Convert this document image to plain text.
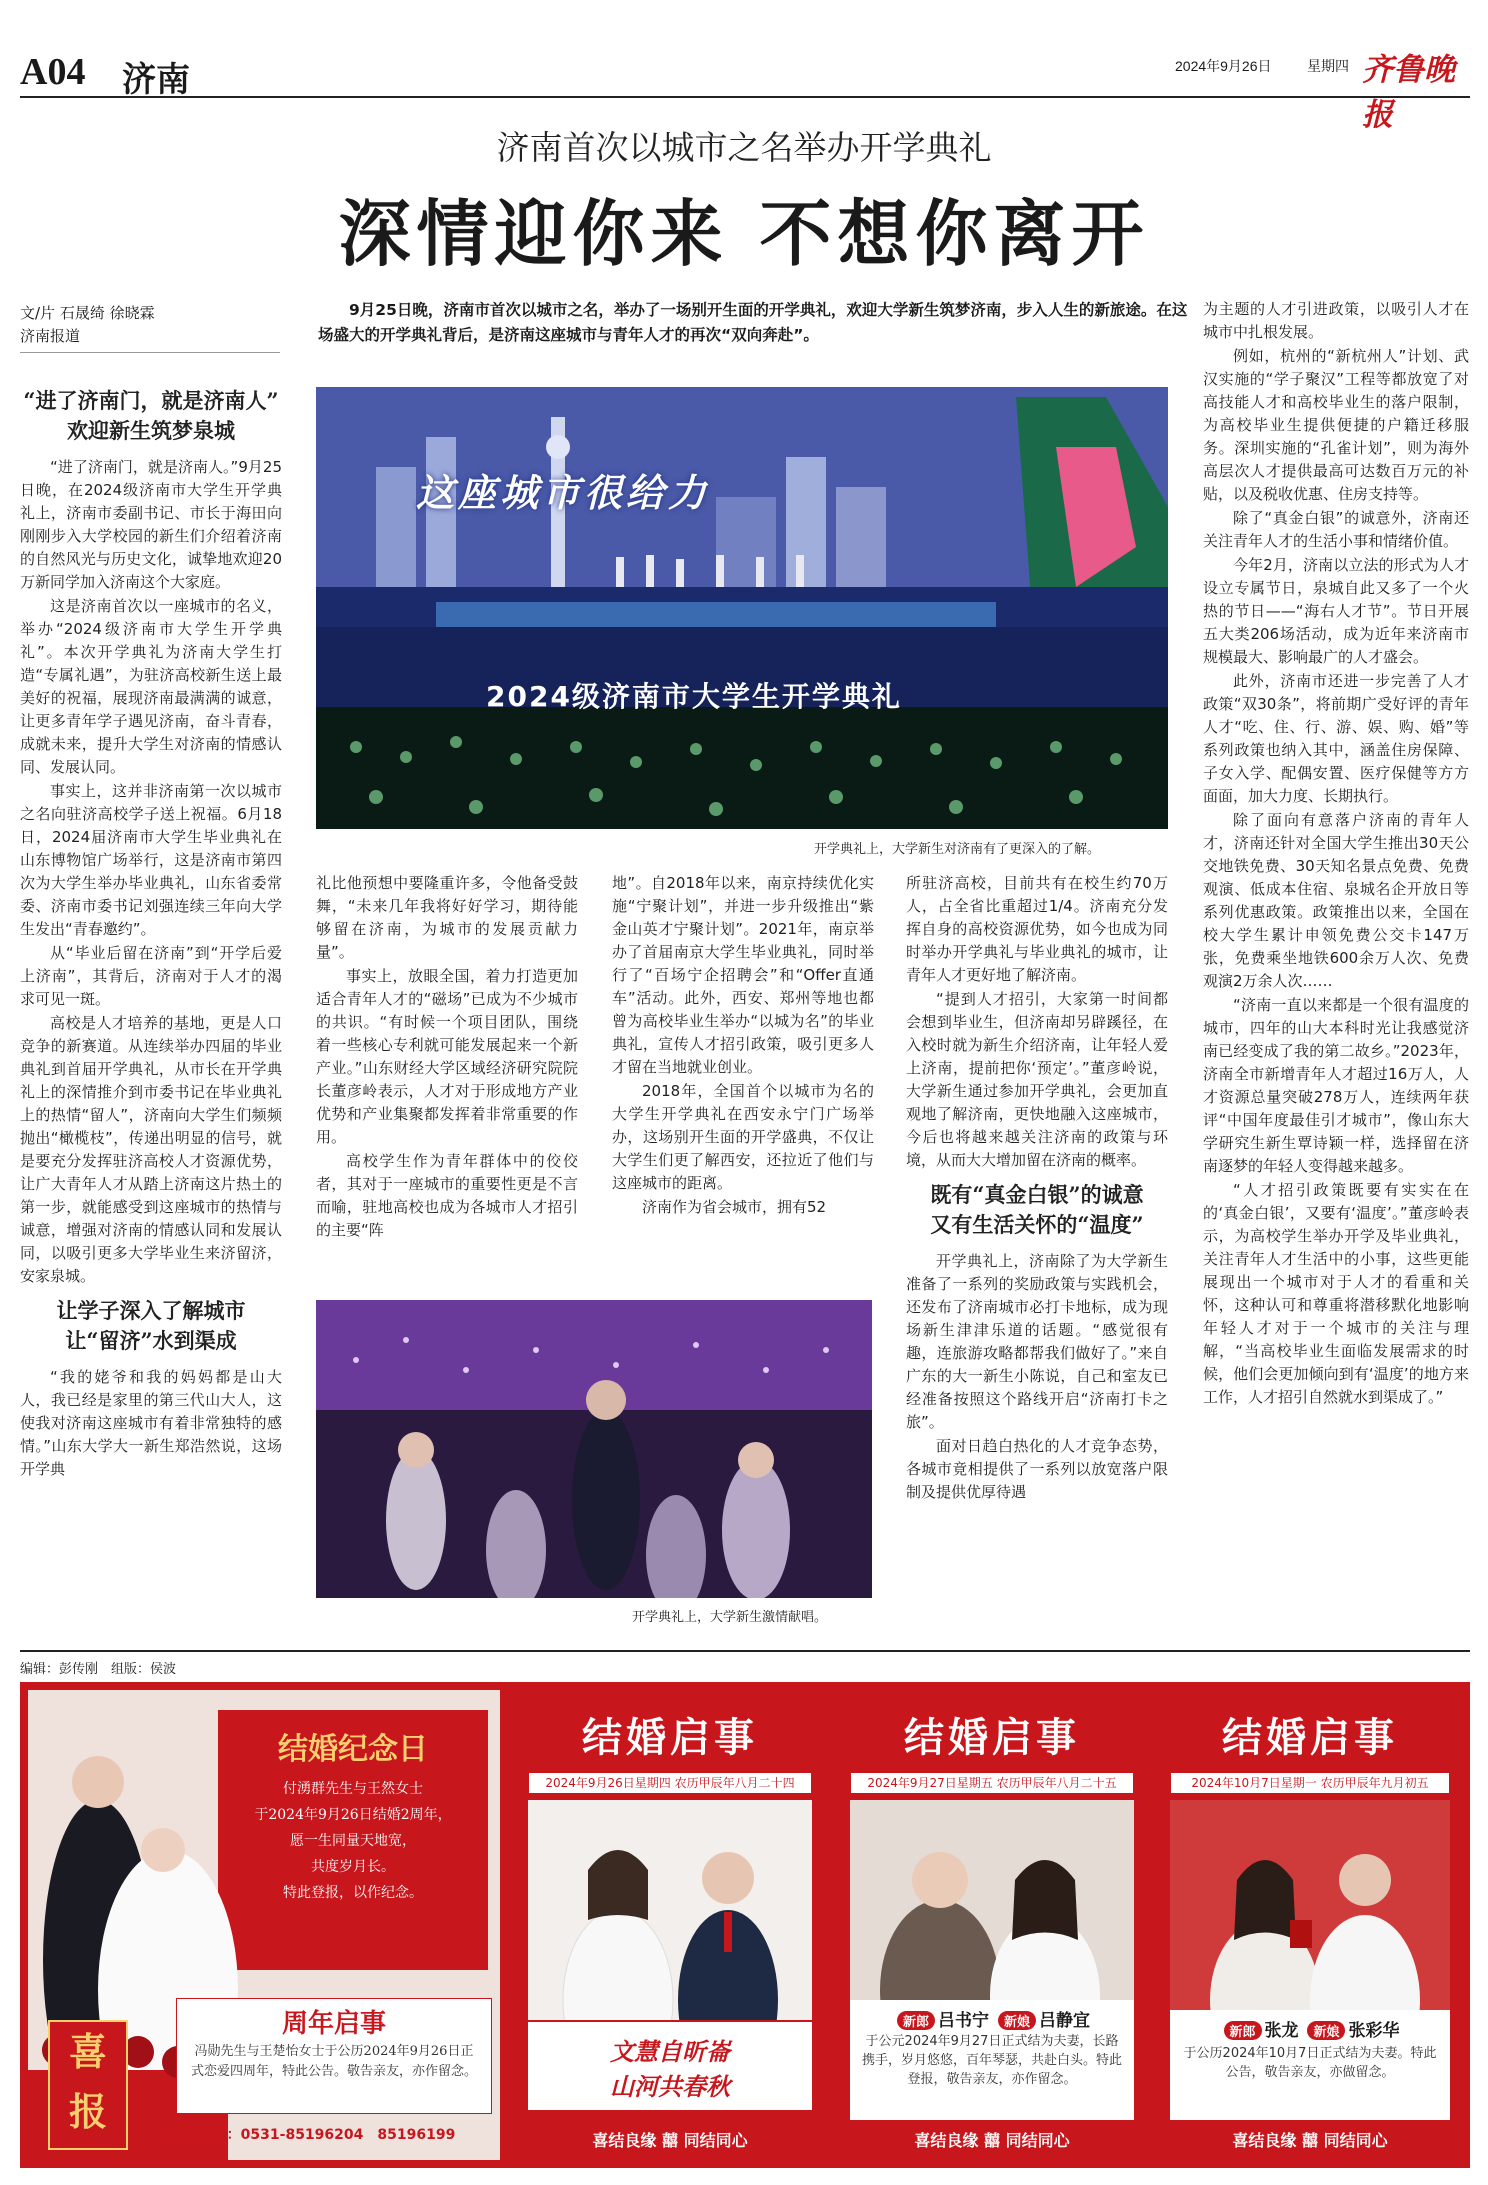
A04 济南	2024年9月26日	星期四 齐鲁晚报
济南首次以城市之名举办开学典礼
深情迎你来 不想你离开
文/片 石晟绮 徐晓霖
济南报道
9月25日晚，济南市首次以城市之名，举办了一场别开生面的开学典礼，欢迎大学新生筑梦济南，步入人生的新旅途。在这场盛大的开学典礼背后，是济南这座城市与青年人才的再次“双向奔赴”。
“进了济南门，就是济南人”
欢迎新生筑梦泉城

“进了济南门，就是济南人。”9月25日晚，在2024级济南市大学生开学典礼上，济南市委副书记、市长于海田向刚刚步入大学校园的新生们介绍着济南的自然风光与历史文化，诚挚地欢迎20万新同学加入济南这个大家庭。

这是济南首次以一座城市的名义，举办“2024级济南市大学生开学典礼”。本次开学典礼为济南大学生打造“专属礼遇”，为驻济高校新生送上最美好的祝福，展现济南最满满的诚意，让更多青年学子遇见济南，奋斗青春，成就未来，提升大学生对济南的情感认同、发展认同。

事实上，这并非济南第一次以城市之名向驻济高校学子送上祝福。6月18日，2024届济南市大学生毕业典礼在山东博物馆广场举行，这是济南市第四次为大学生举办毕业典礼，山东省委常委、济南市委书记刘强连续三年向大学生发出“青春邀约”。

从“毕业后留在济南”到“开学后爱上济南”，其背后，济南对于人才的渴求可见一斑。

高校是人才培养的基地，更是人口竞争的新赛道。从连续举办四届的毕业典礼到首届开学典礼，从市长在开学典礼上的深情推介到市委书记在毕业典礼上的热情“留人”，济南向大学生们频频抛出“橄榄枝”，传递出明显的信号，就是要充分发挥驻济高校人才资源优势，让广大青年人才从踏上济南这片热土的第一步，就能感受到这座城市的热情与诚意，增强对济南的情感认同和发展认同，以吸引更多大学毕业生来济留济，安家泉城。

让学子深入了解城市
让“留济”水到渠成

“我的姥爷和我的妈妈都是山大人，我已经是家里的第三代山大人，这使我对济南这座城市有着非常独特的感情。”山东大学大一新生郑浩然说，这场开学典

这座城市很给力
2024级济南市大学生开学典礼
开学典礼上，大学新生对济南有了更深入的了解。

礼比他预想中要隆重许多，令他备受鼓舞，“未来几年我将好好学习，期待能够留在济南，为城市的发展贡献力量”。

事实上，放眼全国，着力打造更加适合青年人才的“磁场”已成为不少城市的共识。“有时候一个项目团队，围绕着一些核心专利就可能发展起来一个新产业。”山东财经大学区域经济研究院院长董彦岭表示，人才对于形成地方产业优势和产业集聚都发挥着非常重要的作用。

高校学生作为青年群体中的佼佼者，其对于一座城市的重要性更是不言而喻，驻地高校也成为各城市人才招引的主要“阵

地”。自2018年以来，南京持续优化实施“宁聚计划”，并进一步升级推出“紫金山英才宁聚计划”。2021年，南京举办了首届南京大学生毕业典礼，同时举行了“百场宁企招聘会”和“Offer直通车”活动。此外，西安、郑州等地也都曾为高校毕业生举办“以城为名”的毕业典礼，宣传人才招引政策，吸引更多人才留在当地就业创业。

2018年，全国首个以城市为名的大学生开学典礼在西安永宁门广场举办，这场别开生面的开学盛典，不仅让大学生们更了解西安，还拉近了他们与这座城市的距离。

济南作为省会城市，拥有52

开学典礼上，大学新生激情献唱。

所驻济高校，目前共有在校生约70万人，占全省比重超过1/4。济南充分发挥自身的高校资源优势，如今也成为同时举办开学典礼与毕业典礼的城市，让青年人才更好地了解济南。

“提到人才招引，大家第一时间都会想到毕业生，但济南却另辟蹊径，在入校时就为新生介绍济南，让年轻人爱上济南，提前把你‘预定’。”董彦岭说，大学新生通过参加开学典礼，会更加直观地了解济南，更快地融入这座城市，今后也将越来越关注济南的政策与环境，从而大大增加留在济南的概率。

既有“真金白银”的诚意
又有生活关怀的“温度”

开学典礼上，济南除了为大学新生准备了一系列的奖励政策与实践机会，还发布了济南城市必打卡地标，成为现场新生津津乐道的话题。“感觉很有趣，连旅游攻略都帮我们做好了。”来自广东的大一新生小陈说，自己和室友已经准备按照这个路线开启“济南打卡之旅”。

面对日趋白热化的人才竞争态势，各城市竟相提供了一系列以放宽落户限制及提供优厚待遇

为主题的人才引进政策，以吸引人才在城市中扎根发展。

例如，杭州的“新杭州人”计划、武汉实施的“学子聚汉”工程等都放宽了对高技能人才和高校毕业生的落户限制，为高校毕业生提供便捷的户籍迁移服务。深圳实施的“孔雀计划”，则为海外高层次人才提供最高可达数百万元的补贴，以及税收优惠、住房支持等。

除了“真金白银”的诚意外，济南还关注青年人才的生活小事和情绪价值。

今年2月，济南以立法的形式为人才设立专属节日，泉城自此又多了一个火热的节日——“海右人才节”。节日开展五大类206场活动，成为近年来济南市规模最大、影响最广的人才盛会。

此外，济南市还进一步完善了人才政策“双30条”，将前期广受好评的青年人才“吃、住、行、游、娱、购、婚”等系列政策也纳入其中，涵盖住房保障、子女入学、配偶安置、医疗保健等方方面面，加大力度、长期执行。

除了面向有意落户济南的青年人才，济南还针对全国大学生推出30天公交地铁免费、30天知名景点免费、免费观演、低成本住宿、泉城名企开放日等系列优惠政策。政策推出以来，全国在校大学生累计申领免费公交卡147万张，免费乘坐地铁600余万人次、免费观演2万余人次……

“济南一直以来都是一个很有温度的城市，四年的山大本科时光让我感觉济南已经变成了我的第二故乡。”2023年，济南全市新增青年人才超过16万人，人才资源总量突破278万人，连续两年获评“中国年度最佳引才城市”，像山东大学研究生新生覃诗颖一样，选择留在济南逐梦的年轻人变得越来越多。

“人才招引政策既要有实实在在的‘真金白银’，又要有‘温度’。”董彦岭表示，为高校学生举办开学及毕业典礼，关注青年人才生活中的小事，这些更能展现出一个城市对于人才的看重和关怀，这种认可和尊重将潜移默化地影响年轻人才对于一个城市的关注与理解，“当高校毕业生面临发展需求的时候，他们会更加倾向到有‘温度’的地方来工作，人才招引自然就水到渠成了。”

编辑：彭传刚　组版：侯波
结婚纪念日
付湧群先生与王然女士
于2024年9月26日结婚2周年，
愿一生同量天地宽，
共度岁月长。
特此登报，以作纪念。
喜
报
周年启事
冯勋先生与王楚怡女士于公历2024年9月26日正式恋爱四周年，特此公告。敬告亲友，亦作留念。
订版电话：0531-85196204　85196199
结婚启事
2024年9月26日星期四 农历甲辰年八月二十四
文慧自昕崙
山河共春秋
喜结良缘 囍 同结同心
结婚启事
2024年9月27日星期五 农历甲辰年八月二十五
新郎 吕书宁 新娘 吕静宜
于公元2024年9月27日正式结为夫妻，长路携手，岁月悠悠，百年琴瑟，共赴白头。特此登报，敬告亲友，亦作留念。
喜结良缘 囍 同结同心
结婚启事
2024年10月7日星期一 农历甲辰年九月初五
新郎 张龙 新娘 张彩华
于公历2024年10月7日正式结为夫妻。特此公告，敬告亲友，亦做留念。
喜结良缘 囍 同结同心
